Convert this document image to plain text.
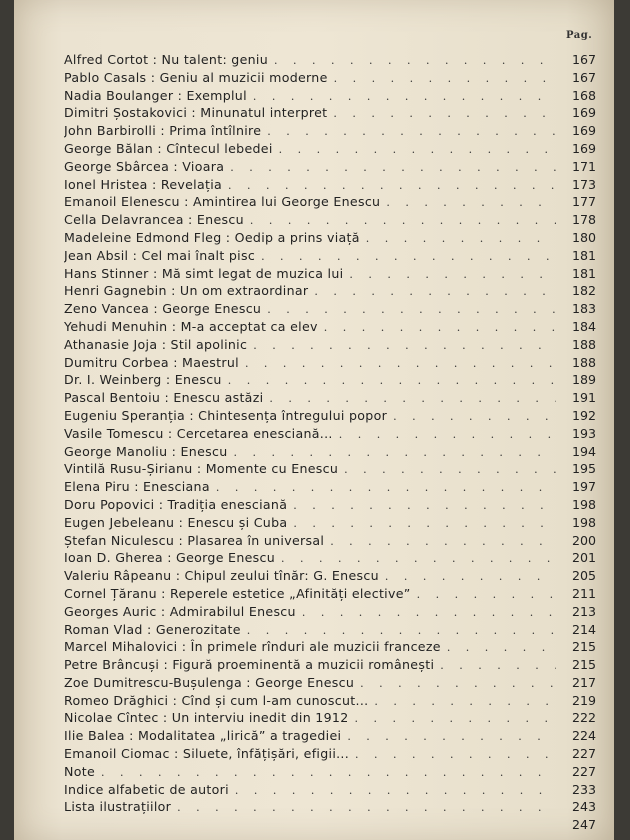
Pag.
Alfred Cortot : Nu talent: geniu . . .	167
Pablo Casals : Geniu al muzicii moderne . . .	167
Nadia Boulanger : Exemplul . . .	168
Dimitri Șostakovici : Minunatul interpret . . .	169
John Barbirolli : Prima întîlnire . . .	169
George Bălan : Cîntecul lebedei . . .	169
George Sbârcea : Vioara . . .	171
Ionel Hristea : Revelația . . .	173
Emanoil Elenescu : Amintirea lui George Enescu . . .	177
Cella Delavrancea : Enescu . . .	178
Madeleine Edmond Fleg : Oedip a prins viață . . .	180
Jean Absil : Cel mai înalt pisc . . .	181
Hans Stinner : Mă simt legat de muzica lui . . .	181
Henri Gagnebin : Un om extraordinar . . .	182
Zeno Vancea : George Enescu . . .	183
Yehudi Menuhin : M-a acceptat ca elev . . .	184
Athanasie Joja : Stil apolinic . . .	188
Dumitru Corbea : Maestrul . . .	188
Dr. I. Weinberg : Enescu . . .	189
Pascal Bentoiu : Enescu astăzi . . .	191
Eugeniu Speranția : Chintesența întregului popor . . .	192
Vasile Tomescu : Cercetarea enesciană... . . .	193
George Manoliu : Enescu . . .	194
Vintilă Rusu-Șirianu : Momente cu Enescu . . .	195
Elena Piru : Enesciana . . .	197
Doru Popovici : Tradiția enesciană . . .	198
Eugen Jebeleanu : Enescu și Cuba . . .	198
Ștefan Niculescu : Plasarea în universal . . .	200
Ioan D. Gherea : George Enescu . . .	201
Valeriu Râpeanu : Chipul zeului tînăr: G. Enescu . . .	205
Cornel Țăranu : Reperele estetice „Afinități elective” . . .	211
Georges Auric : Admirabilul Enescu . . .	213
Roman Vlad : Generozitate . . .	214
Marcel Mihalovici : În primele rînduri ale muzicii franceze . . .	215
Petre Brâncuși : Figură proeminentă a muzicii românești . . .	215
Zoe Dumitrescu-Bușulenga : George Enescu . . .	217
Romeo Drăghici : Cînd și cum l-am cunoscut... . . .	219
Nicolae Cîntec : Un interviu inedit din 1912 . . .	222
Ilie Balea : Modalitatea „lirică” a tragediei . . .	224
Emanoil Ciomac : Siluete, înfățișări, efigii... . . .	227
Note . . .	227
Indice alfabetic de autori . . .	233
Lista ilustrațiilor . . .	243
247
